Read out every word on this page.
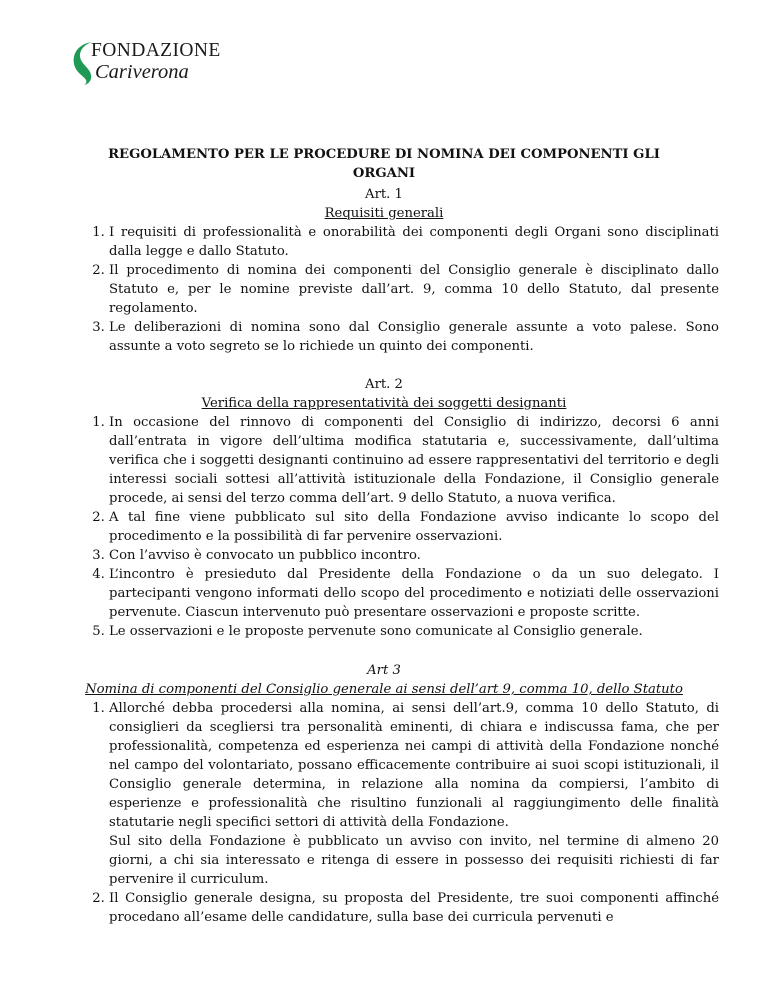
FONDAZIONE
Cariverona
REGOLAMENTO PER LE PROCEDURE DI NOMINA DEI COMPONENTI GLI ORGANI
Art. 1
Requisiti generali
1. I requisiti di professionalità e onorabilità dei componenti degli Organi sono disciplinati dalla legge e dallo Statuto.
2. Il procedimento di nomina dei componenti del Consiglio generale è disciplinato dallo Statuto e, per le nomine previste dall’art. 9, comma 10 dello Statuto, dal presente regolamento.
3. Le deliberazioni di nomina sono dal Consiglio generale assunte a voto palese. Sono assunte a voto segreto se lo richiede un quinto dei componenti.
Art. 2
Verifica della rappresentatività dei soggetti designanti
1. In occasione del rinnovo di componenti del Consiglio di indirizzo, decorsi 6 anni dall’entrata in vigore dell’ultima modifica statutaria e, successivamente, dall’ultima verifica che i soggetti designanti continuino ad essere rappresentativi del territorio e degli interessi sociali sottesi all’attività istituzionale della Fondazione, il Consiglio generale procede, ai sensi del terzo comma dell’art. 9 dello Statuto, a nuova verifica.
2. A tal fine viene pubblicato sul sito della Fondazione avviso indicante lo scopo del procedimento e la possibilità di far pervenire osservazioni.
3. Con l’avviso è convocato un pubblico incontro.
4. L’incontro è presieduto dal Presidente della Fondazione o da un suo delegato. I partecipanti vengono informati dello scopo del procedimento e notiziati delle osservazioni pervenute. Ciascun intervenuto può presentare osservazioni e proposte scritte.
5. Le osservazioni e le proposte pervenute sono comunicate al Consiglio generale.
Art 3
Nomina di componenti del Consiglio generale ai sensi dell’art 9, comma 10, dello Statuto

1. Allorché debba procedersi alla nomina, ai sensi dell’art.9, comma 10 dello Statuto, di consiglieri da scegliersi tra personalità eminenti, di chiara e indiscussa fama, che per professionalità, competenza ed esperienza nei campi di attività della Fondazione nonché nel campo del volontariato, possano efficacemente contribuire ai suoi scopi istituzionali, il Consiglio generale determina, in relazione alla nomina da compiersi, l’ambito di esperienze e professionalità che risultino funzionali al raggiungimento delle finalità statutarie negli specifici settori di attività della Fondazione.

Sul sito della Fondazione è pubblicato un avviso con invito, nel termine di almeno 20 giorni, a chi sia interessato e ritenga di essere in possesso dei requisiti richiesti di far pervenire il curriculum.

2. Il Consiglio generale designa, su proposta del Presidente, tre suoi componenti affinché procedano all’esame delle candidature, sulla base dei curricula pervenuti e
